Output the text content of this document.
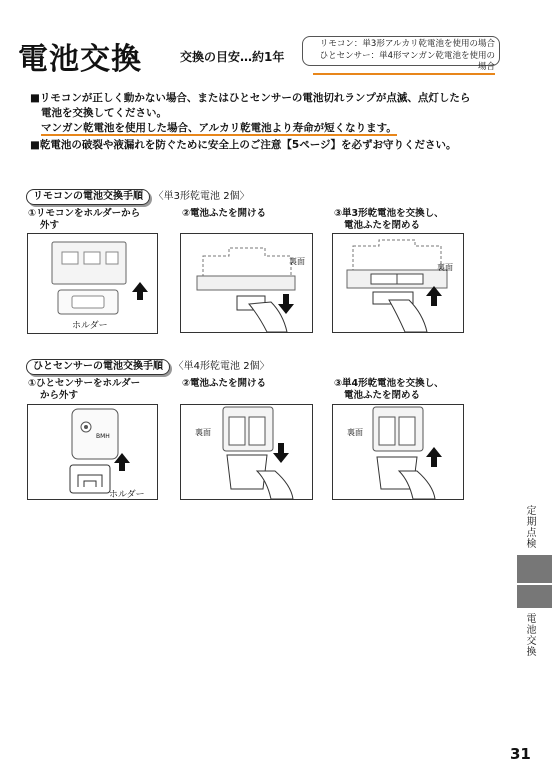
電池交換	交換の目安…約1年
リモコン：単3形アルカリ乾電池を使用の場合
ひとセンサー：単4形マンガン乾電池を使用の場合
■リモコンが正しく動かない場合、またはひとセンサーの電池切れランプが点滅、点灯したら
電池を交換してください。
マンガン乾電池を使用した場合、アルカリ乾電池より寿命が短くなります。
■乾電池の破裂や液漏れを防ぐために安全上のご注意【5ページ】を必ずお守りください。
リモコンの電池交換手順 〈単3形乾電池 2個〉
①リモコンをホルダーから
外す
②電池ふたを開ける	③単3形乾電池を交換し、
電池ふたを閉める
ホルダー
裏面
裏面
ひとセンサーの電池交換手順 〈単4形乾電池 2個〉
①ひとセンサーをホルダー
から外す
②電池ふたを開ける	③単4形乾電池を交換し、
電池ふたを閉める
BMH
ホルダー
裏面	裏面
定期点検
電池交換
31
